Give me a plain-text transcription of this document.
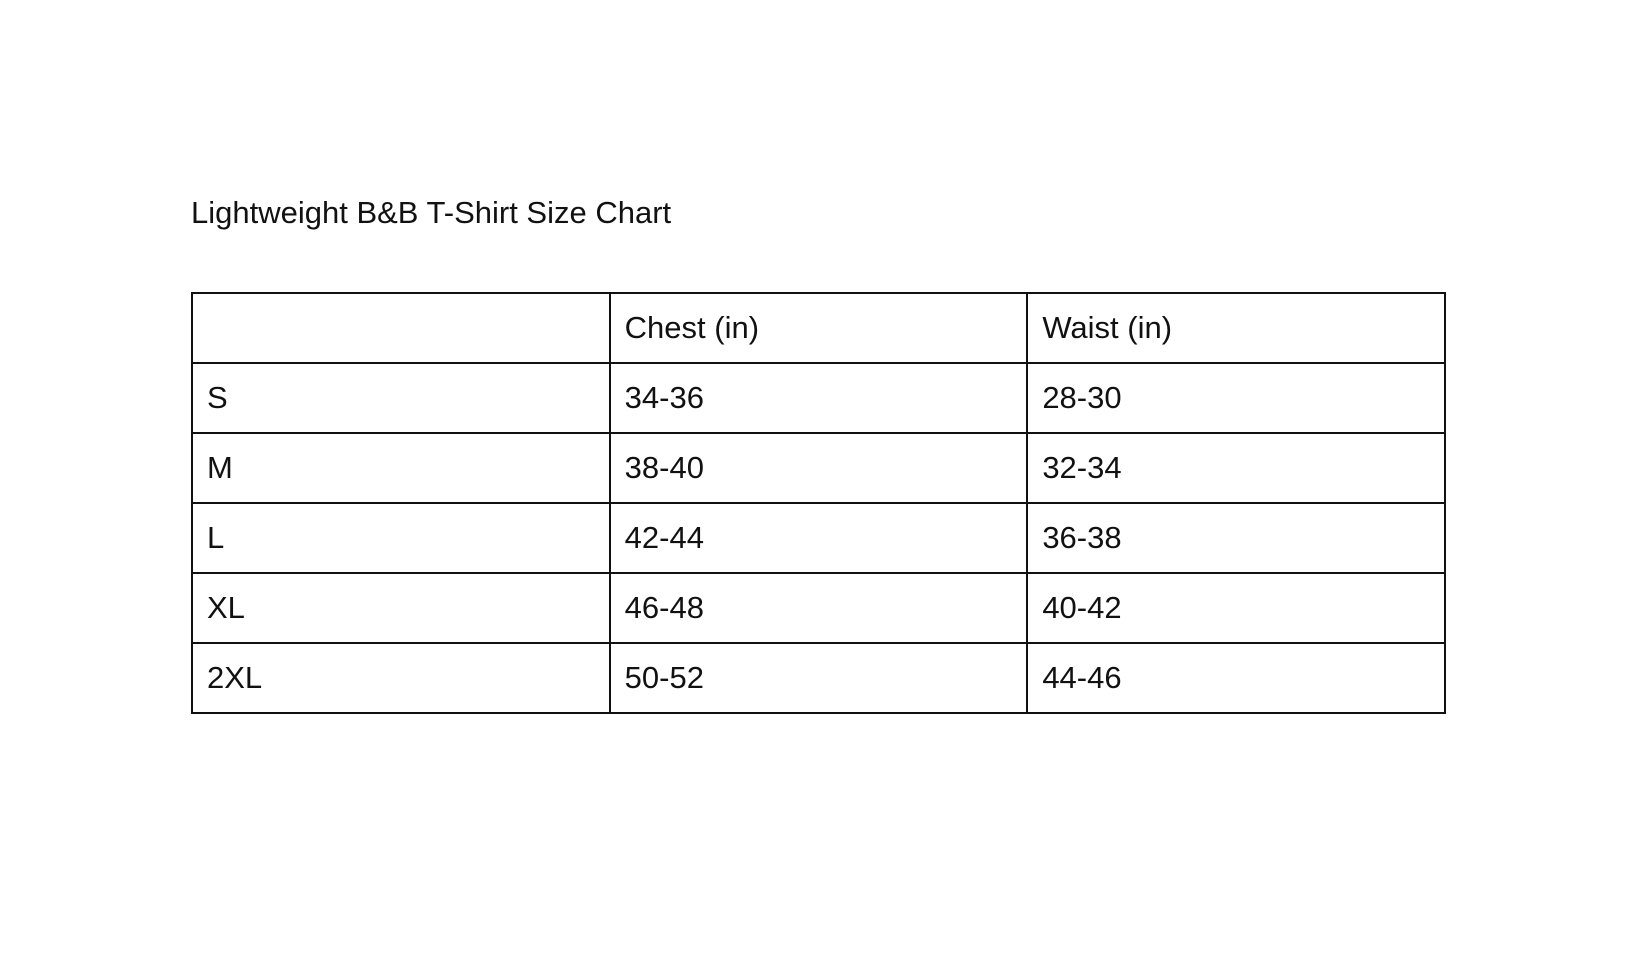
Lightweight B&B T-Shirt Size Chart
	Chest (in)	Waist (in)
S	34-36	28-30
M	38-40	32-34
L	42-44	36-38
XL	46-48	40-42
2XL	50-52	44-46
